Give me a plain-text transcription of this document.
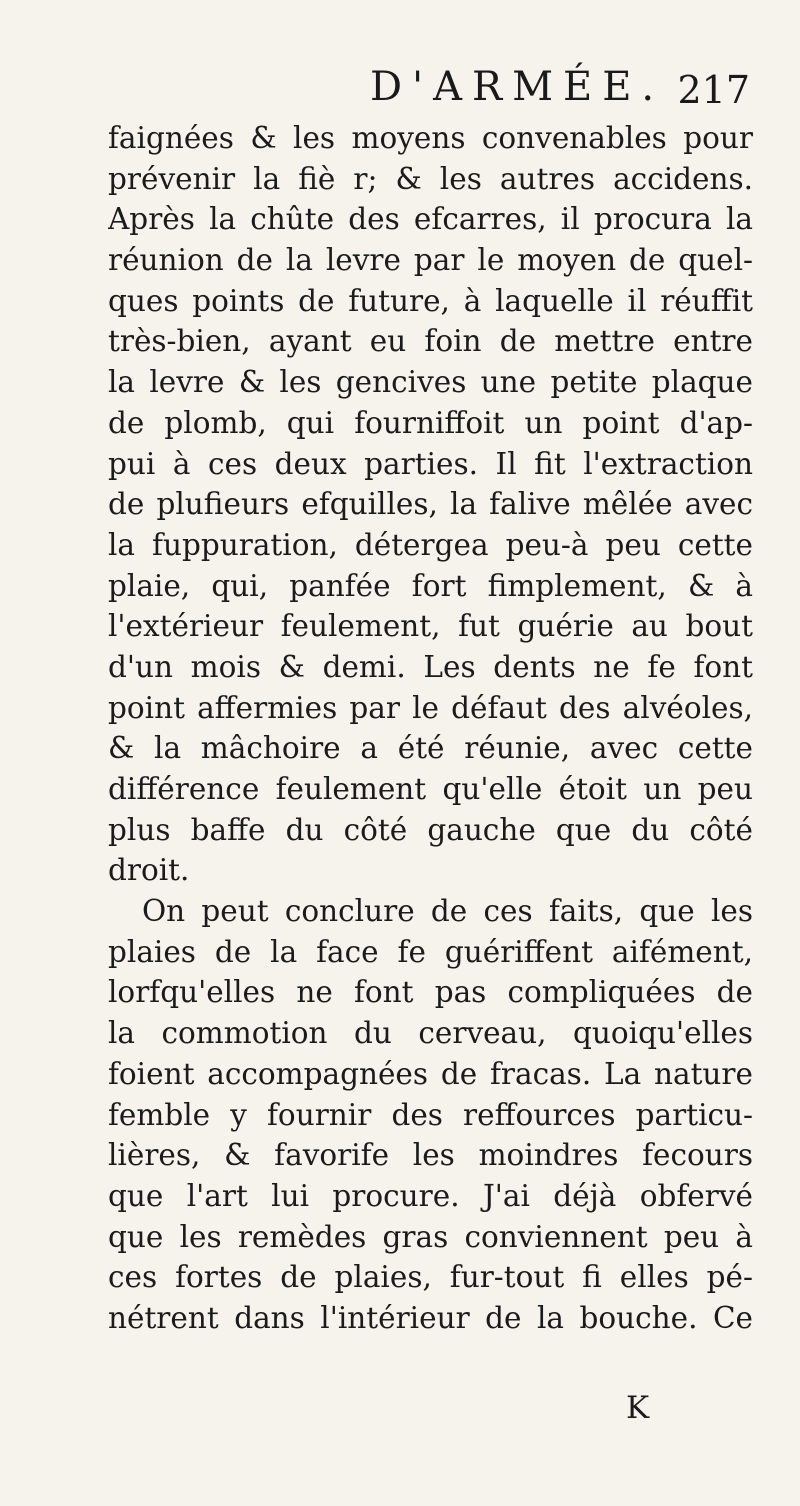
D'ARMÉE. 217
faignées & les moyens convenables pour
prévenir la fiè r; & les autres accidens.
Après la chûte des efcarres, il procura la
réunion de la levre par le moyen de quel-
ques points de future, à laquelle il réuffit
très-bien, ayant eu foin de mettre entre
la levre & les gencives une petite plaque
de plomb, qui fourniffoit un point d'ap-
pui à ces deux parties. Il fit l'extraction
de plufieurs efquilles, la falive mêlée avec
la fuppuration, détergea peu-à peu cette
plaie, qui, panfée fort fimplement, & à
l'extérieur feulement, fut guérie au bout
d'un mois & demi. Les dents ne fe font
point affermies par le défaut des alvéoles,
& la mâchoire a été réunie, avec cette
différence feulement qu'elle étoit un peu
plus baffe du côté gauche que du côté
droit.
On peut conclure de ces faits, que les
plaies de la face fe guériffent aifément,
lorfqu'elles ne font pas compliquées de
la commotion du cerveau, quoiqu'elles
foient accompagnées de fracas. La nature
femble y fournir des reffources particu-
lières, & favorife les moindres fecours
que l'art lui procure. J'ai déjà obfervé
que les remèdes gras conviennent peu à
ces fortes de plaies, fur-tout fi elles pé-
nétrent dans l'intérieur de la bouche. Ce
K
